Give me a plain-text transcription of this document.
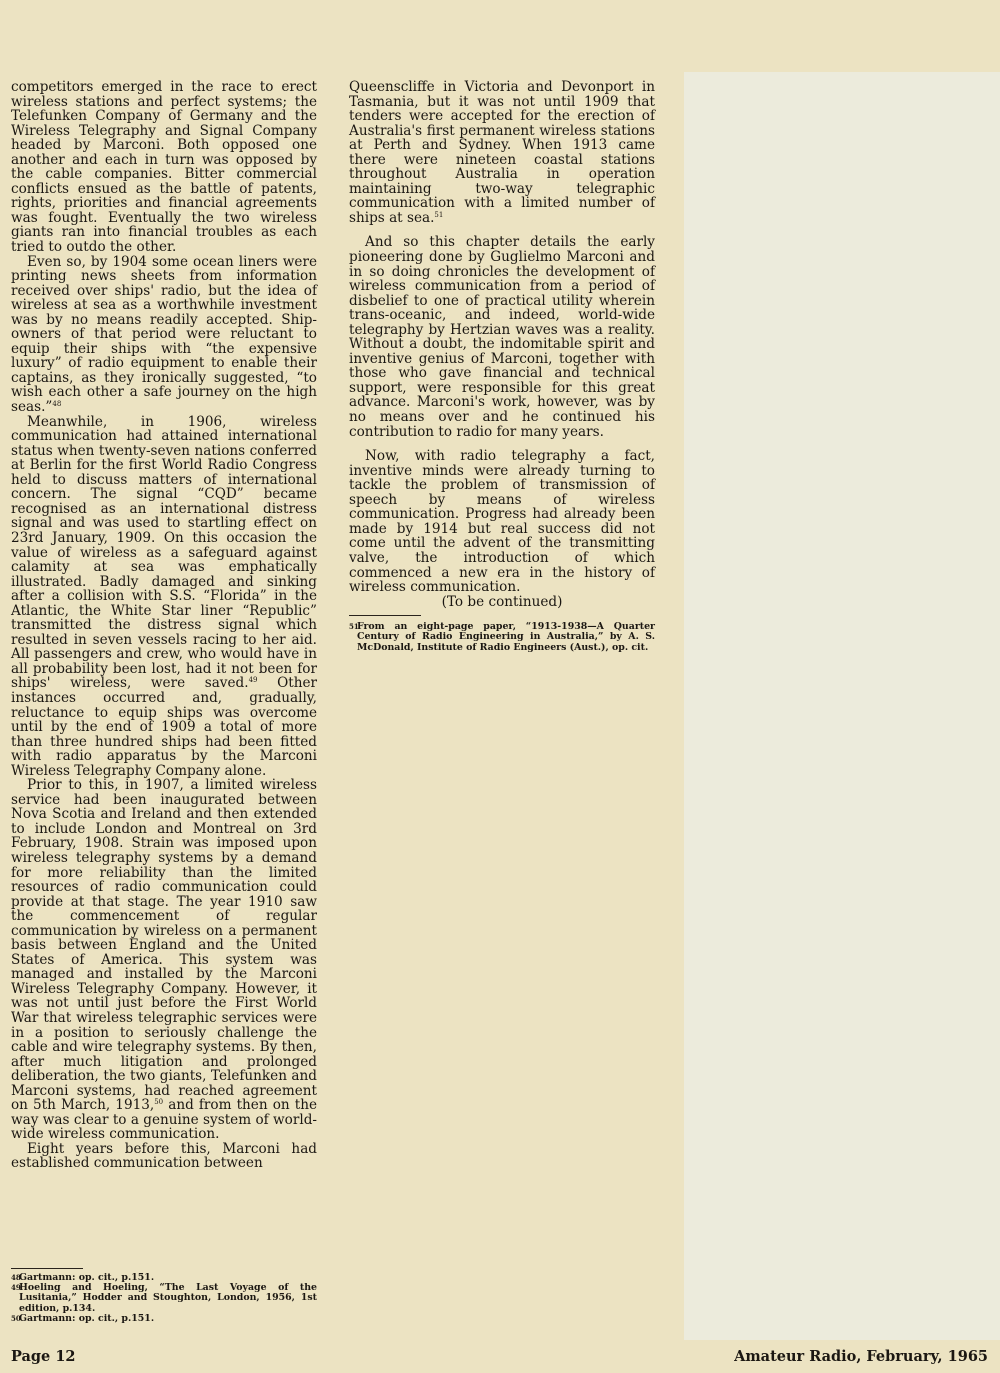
competitors emerged in the race to erect wireless stations and perfect systems; the Telefunken Company of Germany and the Wireless Telegraphy and Signal Company headed by Marconi. Both opposed one another and each in turn was opposed by the cable companies. Bitter commercial conflicts ensued as the battle of patents, rights, priorities and financial agreements was fought. Eventually the two wireless giants ran into financial troubles as each tried to outdo the other.

Even so, by 1904 some ocean liners were printing news sheets from information received over ships' radio, but the idea of wireless at sea as a worthwhile investment was by no means readily accepted. Ship-owners of that period were reluctant to equip their ships with “the expensive luxury” of radio equipment to enable their captains, as they ironically suggested, “to wish each other a safe journey on the high seas.”$^{48}$

Meanwhile, in 1906, wireless communication had attained international status when twenty-seven nations conferred at Berlin for the first World Radio Congress held to discuss matters of international concern. The signal “CQD” became recognised as an international distress signal and was used to startling effect on 23rd January, 1909. On this occasion the value of wireless as a safeguard against calamity at sea was emphatically illustrated. Badly damaged and sinking after a collision with S.S. “Florida” in the Atlantic, the White Star liner “Republic” transmitted the distress signal which resulted in seven vessels racing to her aid. All passengers and crew, who would have in all probability been lost, had it not been for ships' wireless, were saved.$^{49}$ Other instances occurred and, gradually, reluctance to equip ships was overcome until by the end of 1909 a total of more than three hundred ships had been fitted with radio apparatus by the Marconi Wireless Telegraphy Company alone.

Prior to this, in 1907, a limited wireless service had been inaugurated between Nova Scotia and Ireland and then extended to include London and Montreal on 3rd February, 1908. Strain was imposed upon wireless telegraphy systems by a demand for more reliability than the limited resources of radio communication could provide at that stage. The year 1910 saw the commencement of regular communication by wireless on a permanent basis between England and the United States of America. This system was managed and installed by the Marconi Wireless Telegraphy Company. However, it was not until just before the First World War that wireless telegraphic services were in a position to seriously challenge the cable and wire telegraphy systems. By then, after much litigation and prolonged deliberation, the two giants, Telefunken and Marconi systems, had reached agreement on 5th March, 1913,50 and from then on the way was clear to a genuine system of world-wide wireless communication.

Eight years before this, Marconi had established communication between

48Gartmann: op. cit., p.151.

49Hoeling and Hoeling, “The Last Voyage of the Lusitania,” Hodder and Stoughton, London, 1956, 1st edition, p.134.

50Gartmann: op. cit., p.151.

Queenscliffe in Victoria and Devonport in Tasmania, but it was not until 1909 that tenders were accepted for the erection of Australia's first permanent wireless stations at Perth and Sydney. When 1913 came there were nineteen coastal stations throughout Australia in operation maintaining two-way telegraphic communication with a limited number of ships at sea.$^{51}$

And so this chapter details the early pioneering done by Guglielmo Marconi and in so doing chronicles the development of wireless communication from a period of disbelief to one of practical utility wherein trans-oceanic, and indeed, world-wide telegraphy by Hertzian waves was a reality. Without a doubt, the indomitable spirit and inventive genius of Marconi, together with those who gave financial and technical support, were responsible for this great advance. Marconi's work, however, was by no means over and he continued his contribution to radio for many years.

Now, with radio telegraphy a fact, inventive minds were already turning to tackle the problem of transmission of speech by means of wireless communication. Progress had already been made by 1914 but real success did not come until the advent of the transmitting valve, the introduction of which commenced a new era in the history of wireless communication.

(To be continued)

51From an eight-page paper, “1913-1938—A Quarter Century of Radio Engineering in Australia,” by A. S. McDonald, Institute of Radio Engineers (Aust.), op. cit.

Page 12	Amateur Radio, February, 1965
